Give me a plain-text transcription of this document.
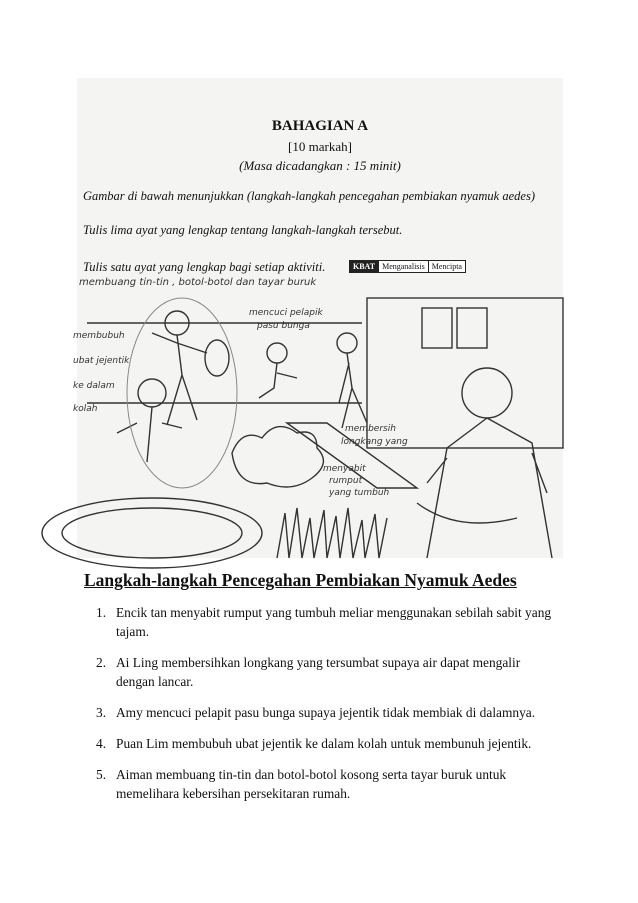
BAHAGIAN A
[10 markah]
(Masa dicadangkan : 15 minit)
Gambar di bawah menunjukkan (langkah-langkah pencegahan pembiakan nyamuk aedes)
Tulis lima ayat yang lengkap tentang langkah-langkah tersebut.
Tulis satu ayat yang lengkap bagi setiap aktiviti.	KBAT Menganalisis Mencipta
membuang tin-tin , botol-botol dan tayar buruk
membubuh
ubat jejentik
ke dalam
kolah
mencuci pelapik
pasu bunga
membersih
longkang yang
menyabit
rumput
yang tumbuh
Langkah-langkah Pencegahan Pembiakan Nyamuk Aedes
1. Encik tan menyabit rumput yang tumbuh meliar menggunakan sebilah sabit yang tajam.
2. Ai Ling membersihkan longkang yang tersumbat supaya air dapat mengalir dengan lancar.
3. Amy mencuci pelapit pasu bunga supaya jejentik tidak membiak di dalamnya.
4. Puan Lim membubuh ubat jejentik ke dalam kolah untuk membunuh jejentik.
5. Aiman membuang tin-tin dan botol-botol kosong serta tayar buruk untuk memelihara kebersihan persekitaran rumah.
